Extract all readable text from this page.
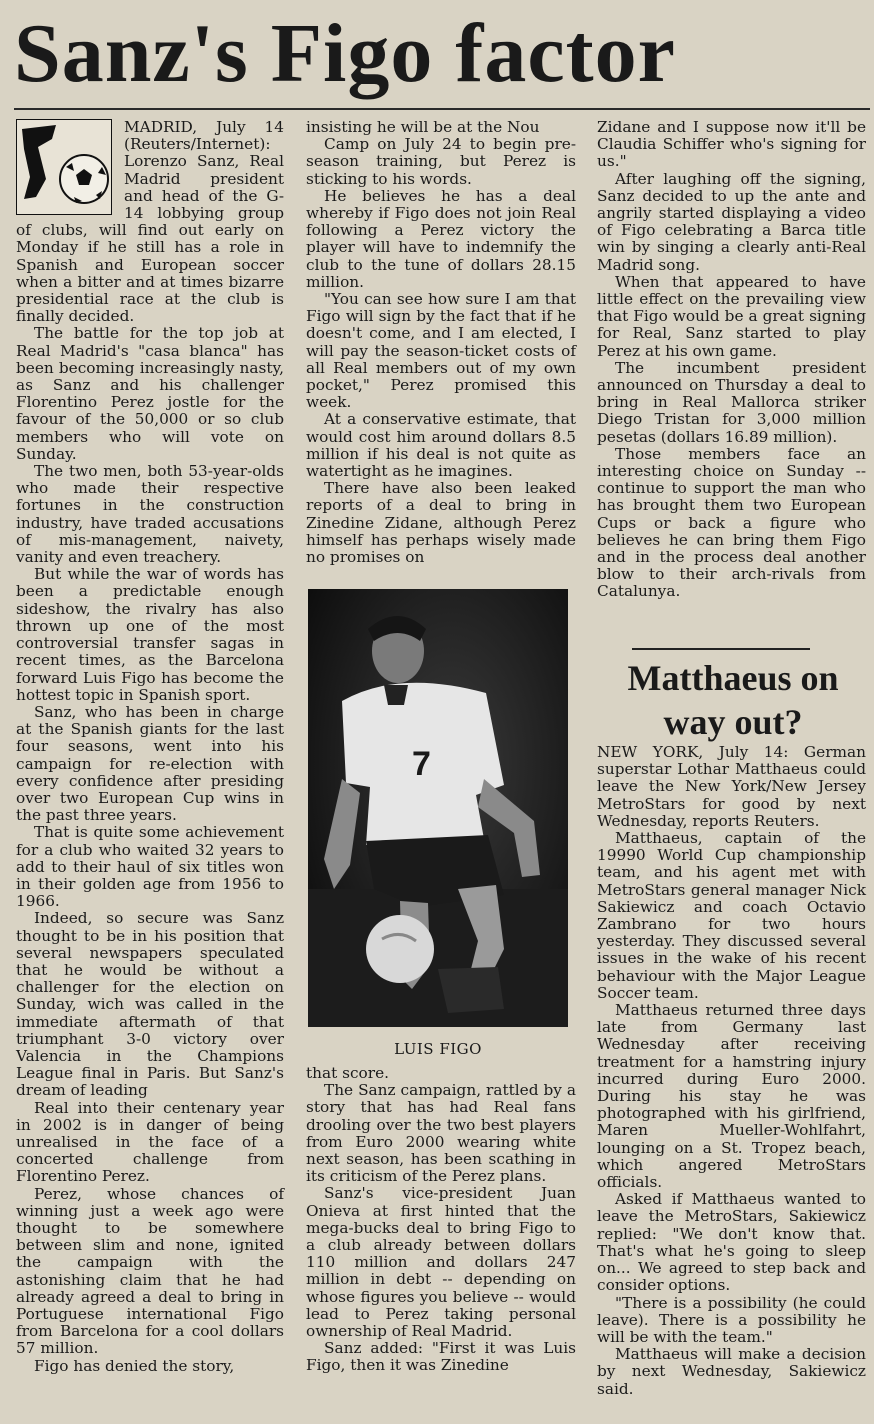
Sanz's Figo factor

MADRID, July 14 (Reuters/Internet): Lorenzo Sanz, Real Madrid president and head of the G-14 lobbying group of clubs, will find out early on Monday if he still has a role in Spanish and European soccer when a bitter and at times bizarre presidential race at the club is finally decided.

The battle for the top job at Real Madrid's "casa blanca" has been becoming increasingly nasty, as Sanz and his challenger Florentino Perez jostle for the favour of the 50,000 or so club members who will vote on Sunday.

The two men, both 53-year-olds who made their respective fortunes in the construction industry, have traded accusations of mis-management, naivety, vanity and even treachery.

But while the war of words has been a predictable enough sideshow, the rivalry has also thrown up one of the most controversial transfer sagas in recent times, as the Barcelona forward Luis Figo has become the hottest topic in Spanish sport.

Sanz, who has been in charge at the Spanish giants for the last four seasons, went into his campaign for re-election with every confidence after presiding over two European Cup wins in the past three years.

That is quite some achievement for a club who waited 32 years to add to their haul of six titles won in their golden age from 1956 to 1966.

Indeed, so secure was Sanz thought to be in his position that several newspapers speculated that he would be without a challenger for the election on Sunday, wich was called in the immediate aftermath of that triumphant 3-0 victory over Valencia in the Champions League final in Paris. But Sanz's dream of leading

Real into their centenary year in 2002 is in danger of being unrealised in the face of a concerted challenge from Florentino Perez.

Perez, whose chances of winning just a week ago were thought to be somewhere between slim and none, ignited the campaign with the astonishing claim that he had already agreed a deal to bring in Portuguese international Figo from Barcelona for a cool dollars 57 million.

Figo has denied the story,

insisting he will be at the Nou

Camp on July 24 to begin pre-season training, but Perez is sticking to his words.

He believes he has a deal whereby if Figo does not join Real following a Perez victory the player will have to indemnify the club to the tune of dollars 28.15 million.

"You can see how sure I am that Figo will sign by the fact that if he doesn't come, and I am elected, I will pay the season-ticket costs of all Real members out of my own pocket," Perez promised this week.

At a conservative estimate, that would cost him around dollars 8.5 million if his deal is not quite as watertight as he imagines.

There have also been leaked reports of a deal to bring in Zinedine Zidane, although Perez himself has perhaps wisely made no promises on

7
LUIS FIGO

that score.

The Sanz campaign, rattled by a story that has had Real fans drooling over the two best players from Euro 2000 wearing white next season, has been scathing in its criticism of the Perez plans.

Sanz's vice-president Juan Onieva at first hinted that the mega-bucks deal to bring Figo to a club already between dollars 110 million and dollars 247 million in debt -- depending on whose figures you believe -- would lead to Perez taking personal ownership of Real Madrid.

Sanz added: "First it was Luis Figo, then it was Zinedine

Zidane and I suppose now it'll be Claudia Schiffer who's signing for us."

After laughing off the signing, Sanz decided to up the ante and angrily started displaying a video of Figo celebrating a Barca title win by singing a clearly anti-Real Madrid song.

When that appeared to have little effect on the prevailing view that Figo would be a great signing for Real, Sanz started to play Perez at his own game.

The incumbent president announced on Thursday a deal to bring in Real Mallorca striker Diego Tristan for 3,000 million pesetas (dollars 16.89 million).

Those members face an interesting choice on Sunday -- continue to support the man who has brought them two European Cups or back a figure who believes he can bring them Figo and in the process deal another blow to their arch-rivals from Catalunya.

Matthaeus on way out?

NEW YORK, July 14: German superstar Lothar Matthaeus could leave the New York/New Jersey MetroStars for good by next Wednesday, reports Reuters.

Matthaeus, captain of the 19990 World Cup championship team, and his agent met with MetroStars general manager Nick Sakiewicz and coach Octavio Zambrano for two hours yesterday. They discussed several issues in the wake of his recent behaviour with the Major League Soccer team.

Matthaeus returned three days late from Germany last Wednesday after receiving treatment for a hamstring injury incurred during Euro 2000. During his stay he was photographed with his girlfriend, Maren Mueller-Wohlfahrt, lounging on a St. Tropez beach, which angered MetroStars officials.

Asked if Matthaeus wanted to leave the MetroStars, Sakiewicz replied: "We don't know that. That's what he's going to sleep on... We agreed to step back and consider options.

"There is a possibility (he could leave). There is a possibility he will be with the team."

Matthaeus will make a decision by next Wednesday, Sakiewicz said.
